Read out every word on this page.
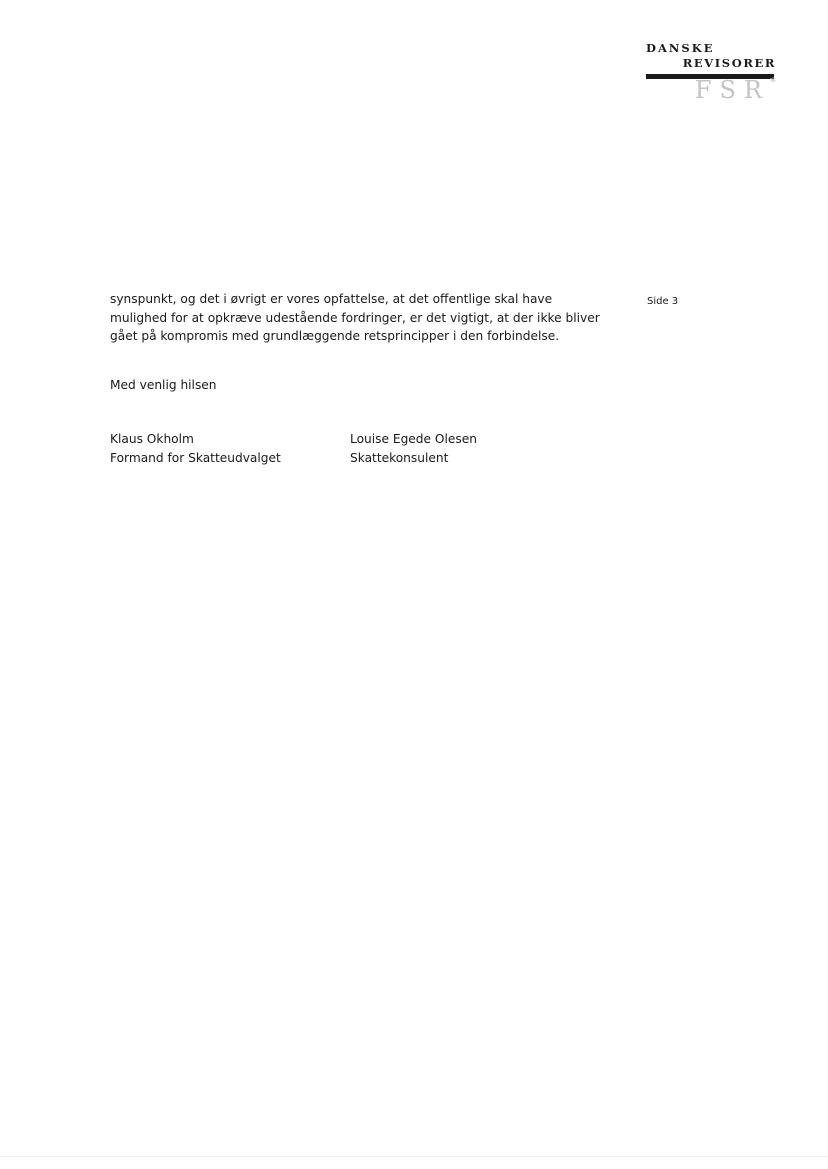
DANSKE
REVISORER
FSR*
Side 3
synspunkt, og det i øvrigt er vores opfattelse, at det offentlige skal have
mulighed for at opkræve udestående fordringer, er det vigtigt, at der ikke bliver
gået på kompromis med grundlæggende retsprincipper i den forbindelse.
Med venlig hilsen
Klaus Okholm
Formand for Skatteudvalget
Louise Egede Olesen
Skattekonsulent
